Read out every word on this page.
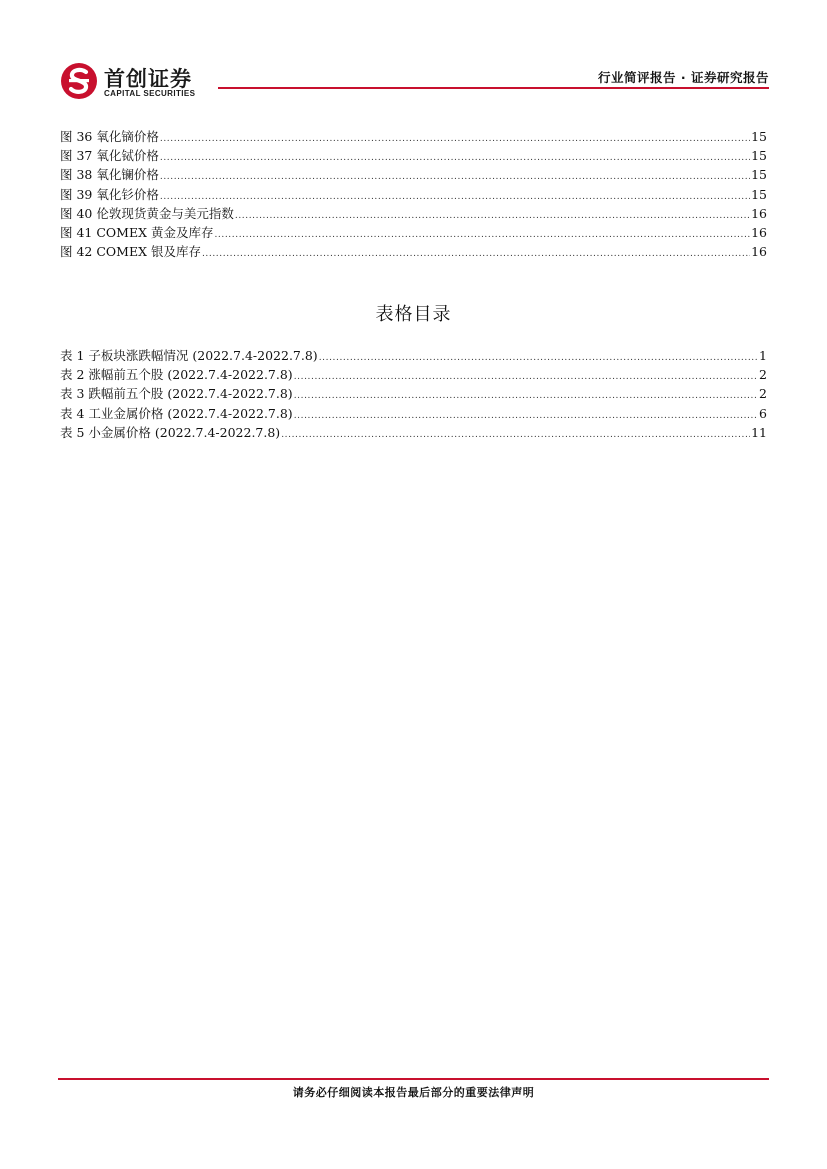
首创证券
CAPITAL SECURITIES
行业简评报告 · 证券研究报告
图 36 氧化镝价格 .....	15
图 37 氧化铽价格 .....	15
图 38 氧化镧价格 .....	15
图 39 氧化钐价格 .....	15
图 40 伦敦现货黄金与美元指数 .....	16
图 41 COMEX 黄金及库存 .....	16
图 42 COMEX 银及库存 .....	16
表格目录
表 1 子板块涨跌幅情况 (2022.7.4-2022.7.8) .....	1
表 2 涨幅前五个股 (2022.7.4-2022.7.8) .....	2
表 3 跌幅前五个股 (2022.7.4-2022.7.8) .....	2
表 4 工业金属价格 (2022.7.4-2022.7.8) .....	6
表 5 小金属价格 (2022.7.4-2022.7.8) .....	11
请务必仔细阅读本报告最后部分的重要法律声明
